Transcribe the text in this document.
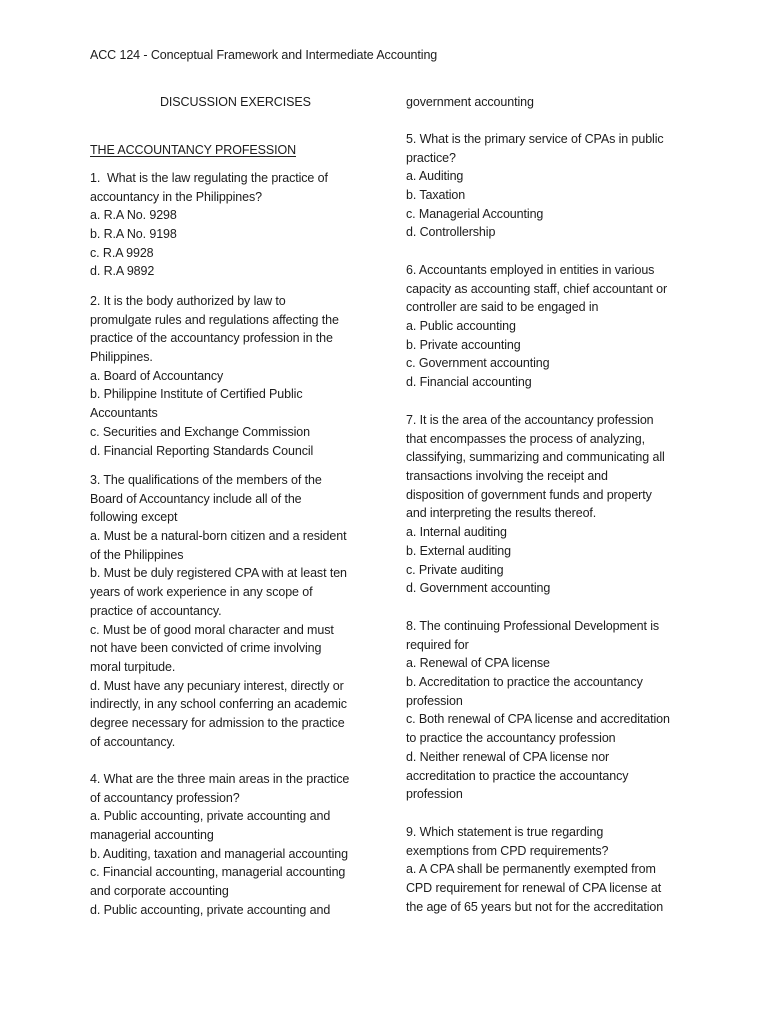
ACC 124 - Conceptual Framework and Intermediate Accounting
DISCUSSION EXERCISES
THE ACCOUNTANCY PROFESSION
1.  What is the law regulating the practice of
accountancy in the Philippines?
a. R.A No. 9298
b. R.A No. 9198
c. R.A 9928
d. R.A 9892
2. It is the body authorized by law to
promulgate rules and regulations affecting the
practice of the accountancy profession in the
Philippines.
a. Board of Accountancy
b. Philippine Institute of Certified Public
Accountants
c. Securities and Exchange Commission
d. Financial Reporting Standards Council
3. The qualifications of the members of the
Board of Accountancy include all of the
following except
a. Must be a natural-born citizen and a resident
of the Philippines
b. Must be duly registered CPA with at least ten
years of work experience in any scope of
practice of accountancy.
c. Must be of good moral character and must
not have been convicted of crime involving
moral turpitude.
d. Must have any pecuniary interest, directly or
indirectly, in any school conferring an academic
degree necessary for admission to the practice
of accountancy.
4. What are the three main areas in the practice
of accountancy profession?
a. Public accounting, private accounting and
managerial accounting
b. Auditing, taxation and managerial accounting
c. Financial accounting, managerial accounting
and corporate accounting
d. Public accounting, private accounting and
government accounting
5. What is the primary service of CPAs in public
practice?
a. Auditing
b. Taxation
c. Managerial Accounting
d. Controllership
6. Accountants employed in entities in various
capacity as accounting staff, chief accountant or
controller are said to be engaged in
a. Public accounting
b. Private accounting
c. Government accounting
d. Financial accounting
7. It is the area of the accountancy profession
that encompasses the process of analyzing,
classifying, summarizing and communicating all
transactions involving the receipt and
disposition of government funds and property
and interpreting the results thereof.
a. Internal auditing
b. External auditing
c. Private auditing
d. Government accounting
8. The continuing Professional Development is
required for
a. Renewal of CPA license
b. Accreditation to practice the accountancy
profession
c. Both renewal of CPA license and accreditation
to practice the accountancy profession
d. Neither renewal of CPA license nor
accreditation to practice the accountancy
profession
9. Which statement is true regarding
exemptions from CPD requirements?
a. A CPA shall be permanently exempted from
CPD requirement for renewal of CPA license at
the age of 65 years but not for the accreditation
